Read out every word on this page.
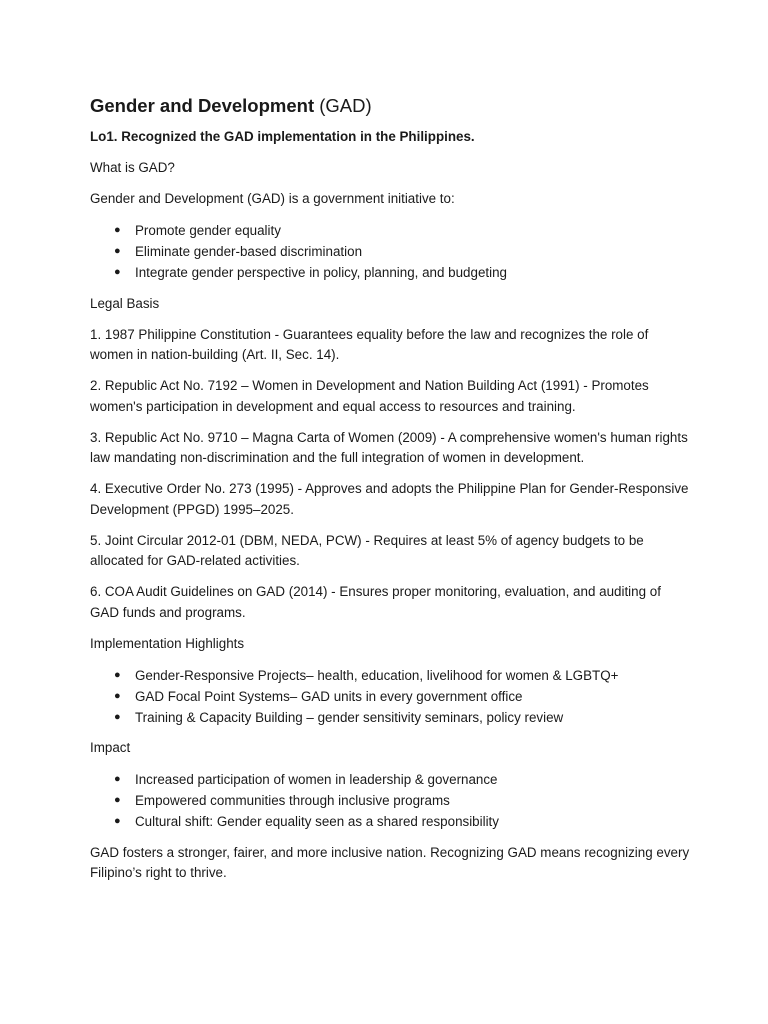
Gender and Development (GAD)

Lo1. Recognized the GAD implementation in the Philippines.

What is GAD?

Gender and Development (GAD) is a government initiative to:

● Promote gender equality
● Eliminate gender-based discrimination
● Integrate gender perspective in policy, planning, and budgeting

Legal Basis

1. 1987 Philippine Constitution - Guarantees equality before the law and recognizes the role of women in nation-building (Art. II, Sec. 14).

2. Republic Act No. 7192 – Women in Development and Nation Building Act (1991) - Promotes women's participation in development and equal access to resources and training.

3. Republic Act No. 9710 – Magna Carta of Women (2009) - A comprehensive women's human rights law mandating non-discrimination and the full integration of women in development.

4. Executive Order No. 273 (1995) - Approves and adopts the Philippine Plan for Gender-Responsive Development (PPGD) 1995–2025.

5. Joint Circular 2012-01 (DBM, NEDA, PCW) - Requires at least 5% of agency budgets to be allocated for GAD-related activities.

6. COA Audit Guidelines on GAD (2014) - Ensures proper monitoring, evaluation, and auditing of GAD funds and programs.

Implementation Highlights

● Gender-Responsive Projects– health, education, livelihood for women & LGBTQ+
● GAD Focal Point Systems– GAD units in every government office
● Training & Capacity Building – gender sensitivity seminars, policy review

Impact

● Increased participation of women in leadership & governance
● Empowered communities through inclusive programs
● Cultural shift: Gender equality seen as a shared responsibility

GAD fosters a stronger, fairer, and more inclusive nation. Recognizing GAD means recognizing every Filipino’s right to thrive.
